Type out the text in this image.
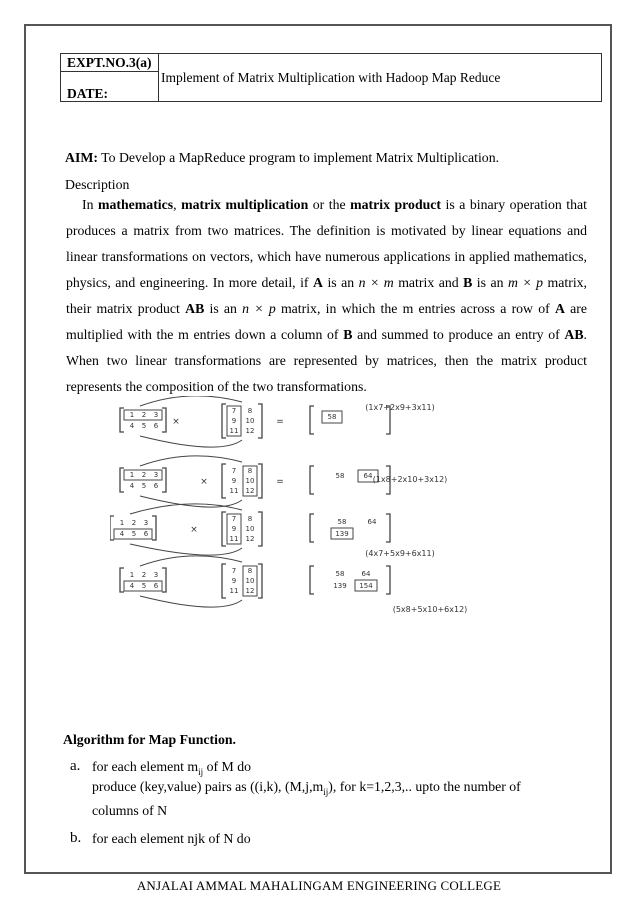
EXPT.NO.3(a)
DATE:
Implement of Matrix Multiplication with Hadoop Map Reduce
AIM: To Develop a MapReduce program to implement Matrix Multiplication.
Description
In mathematics, matrix multiplication or the matrix product is a binary operation that
produces a matrix from two matrices. The definition is motivated by linear equations and
linear transformations on vectors, which have numerous applications in applied mathematics,
physics, and engineering. In more detail, if A is an n × m matrix and B is an m × p matrix,
their matrix product AB is an n × p matrix, in which the m entries across a row of A are
multiplied with the m entries down a column of B and summed to produce an entry of AB.
When two linear transformations are represented by matrices, then the matrix product
represents the composition of the two transformations.
1 2 3
4 5 6 ×
7 8
9 10
11 12
=
1 2 3
4 5 6	×
7 8
9 10
11 12
=
1 2 3
4 5 6	×
7 8
9 10
11 12
1 2 3
4 5 6
7 8
9 10
11 12
58
58	64
58	64
139
58 64
139 154
(1x7+2x9+3x11)
(1x8+2x10+3x12)
(4x7+5x9+6x11)
(5x8+5x10+6x12)
Algorithm for Map Function.
a. for each element $m_{ij}$ of M do
produce (key,value) pairs as ((i,k), $(M,j,m_{ij})$, for k=1,2,3,.. upto the number of
columns of N
b. for each element njk of N do
ANJALAI AMMAL MAHALINGAM ENGINEERING COLLEGE
